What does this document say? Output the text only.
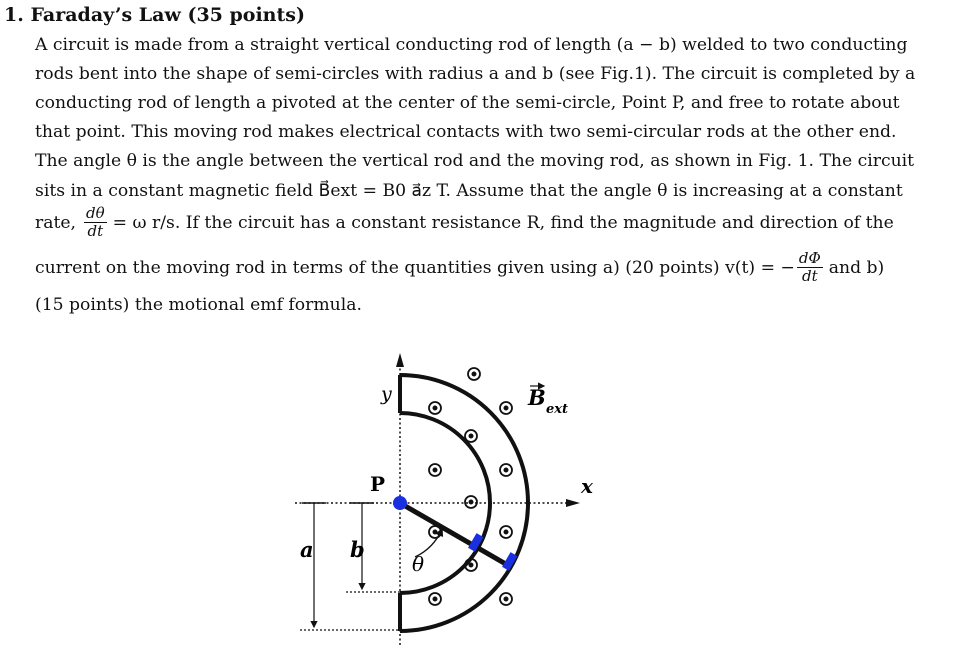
1. Faraday’s Law (35 points)
A circuit is made from a straight vertical conducting rod of length (a − b) welded to two conducting
rods bent into the shape of semi-circles with radius a and b (see Fig.1). The circuit is completed by a
conducting rod of length a pivoted at the center of the semi-circle, Point P, and free to rotate about
that point. This moving rod makes electrical contacts with two semi-circular rods at the other end.
The angle θ is the angle between the vertical rod and the moving rod, as shown in Fig. 1. The circuit
sits in a constant magnetic field B⃗ext = B0 a⃗z T. Assume that the angle θ is increasing at a constant
rate, $\frac{d\theta}{dt} = \omega$ r/s. If the circuit has a constant resistance R, find the magnitude and direction of the
current on the moving rod in terms of the quantities given using a) (20 points) v(t) = − $\frac{d\Phi}{dt}$ and b)
(15 points) the motional emf formula.
y
x
P
B ext
a b
θ
